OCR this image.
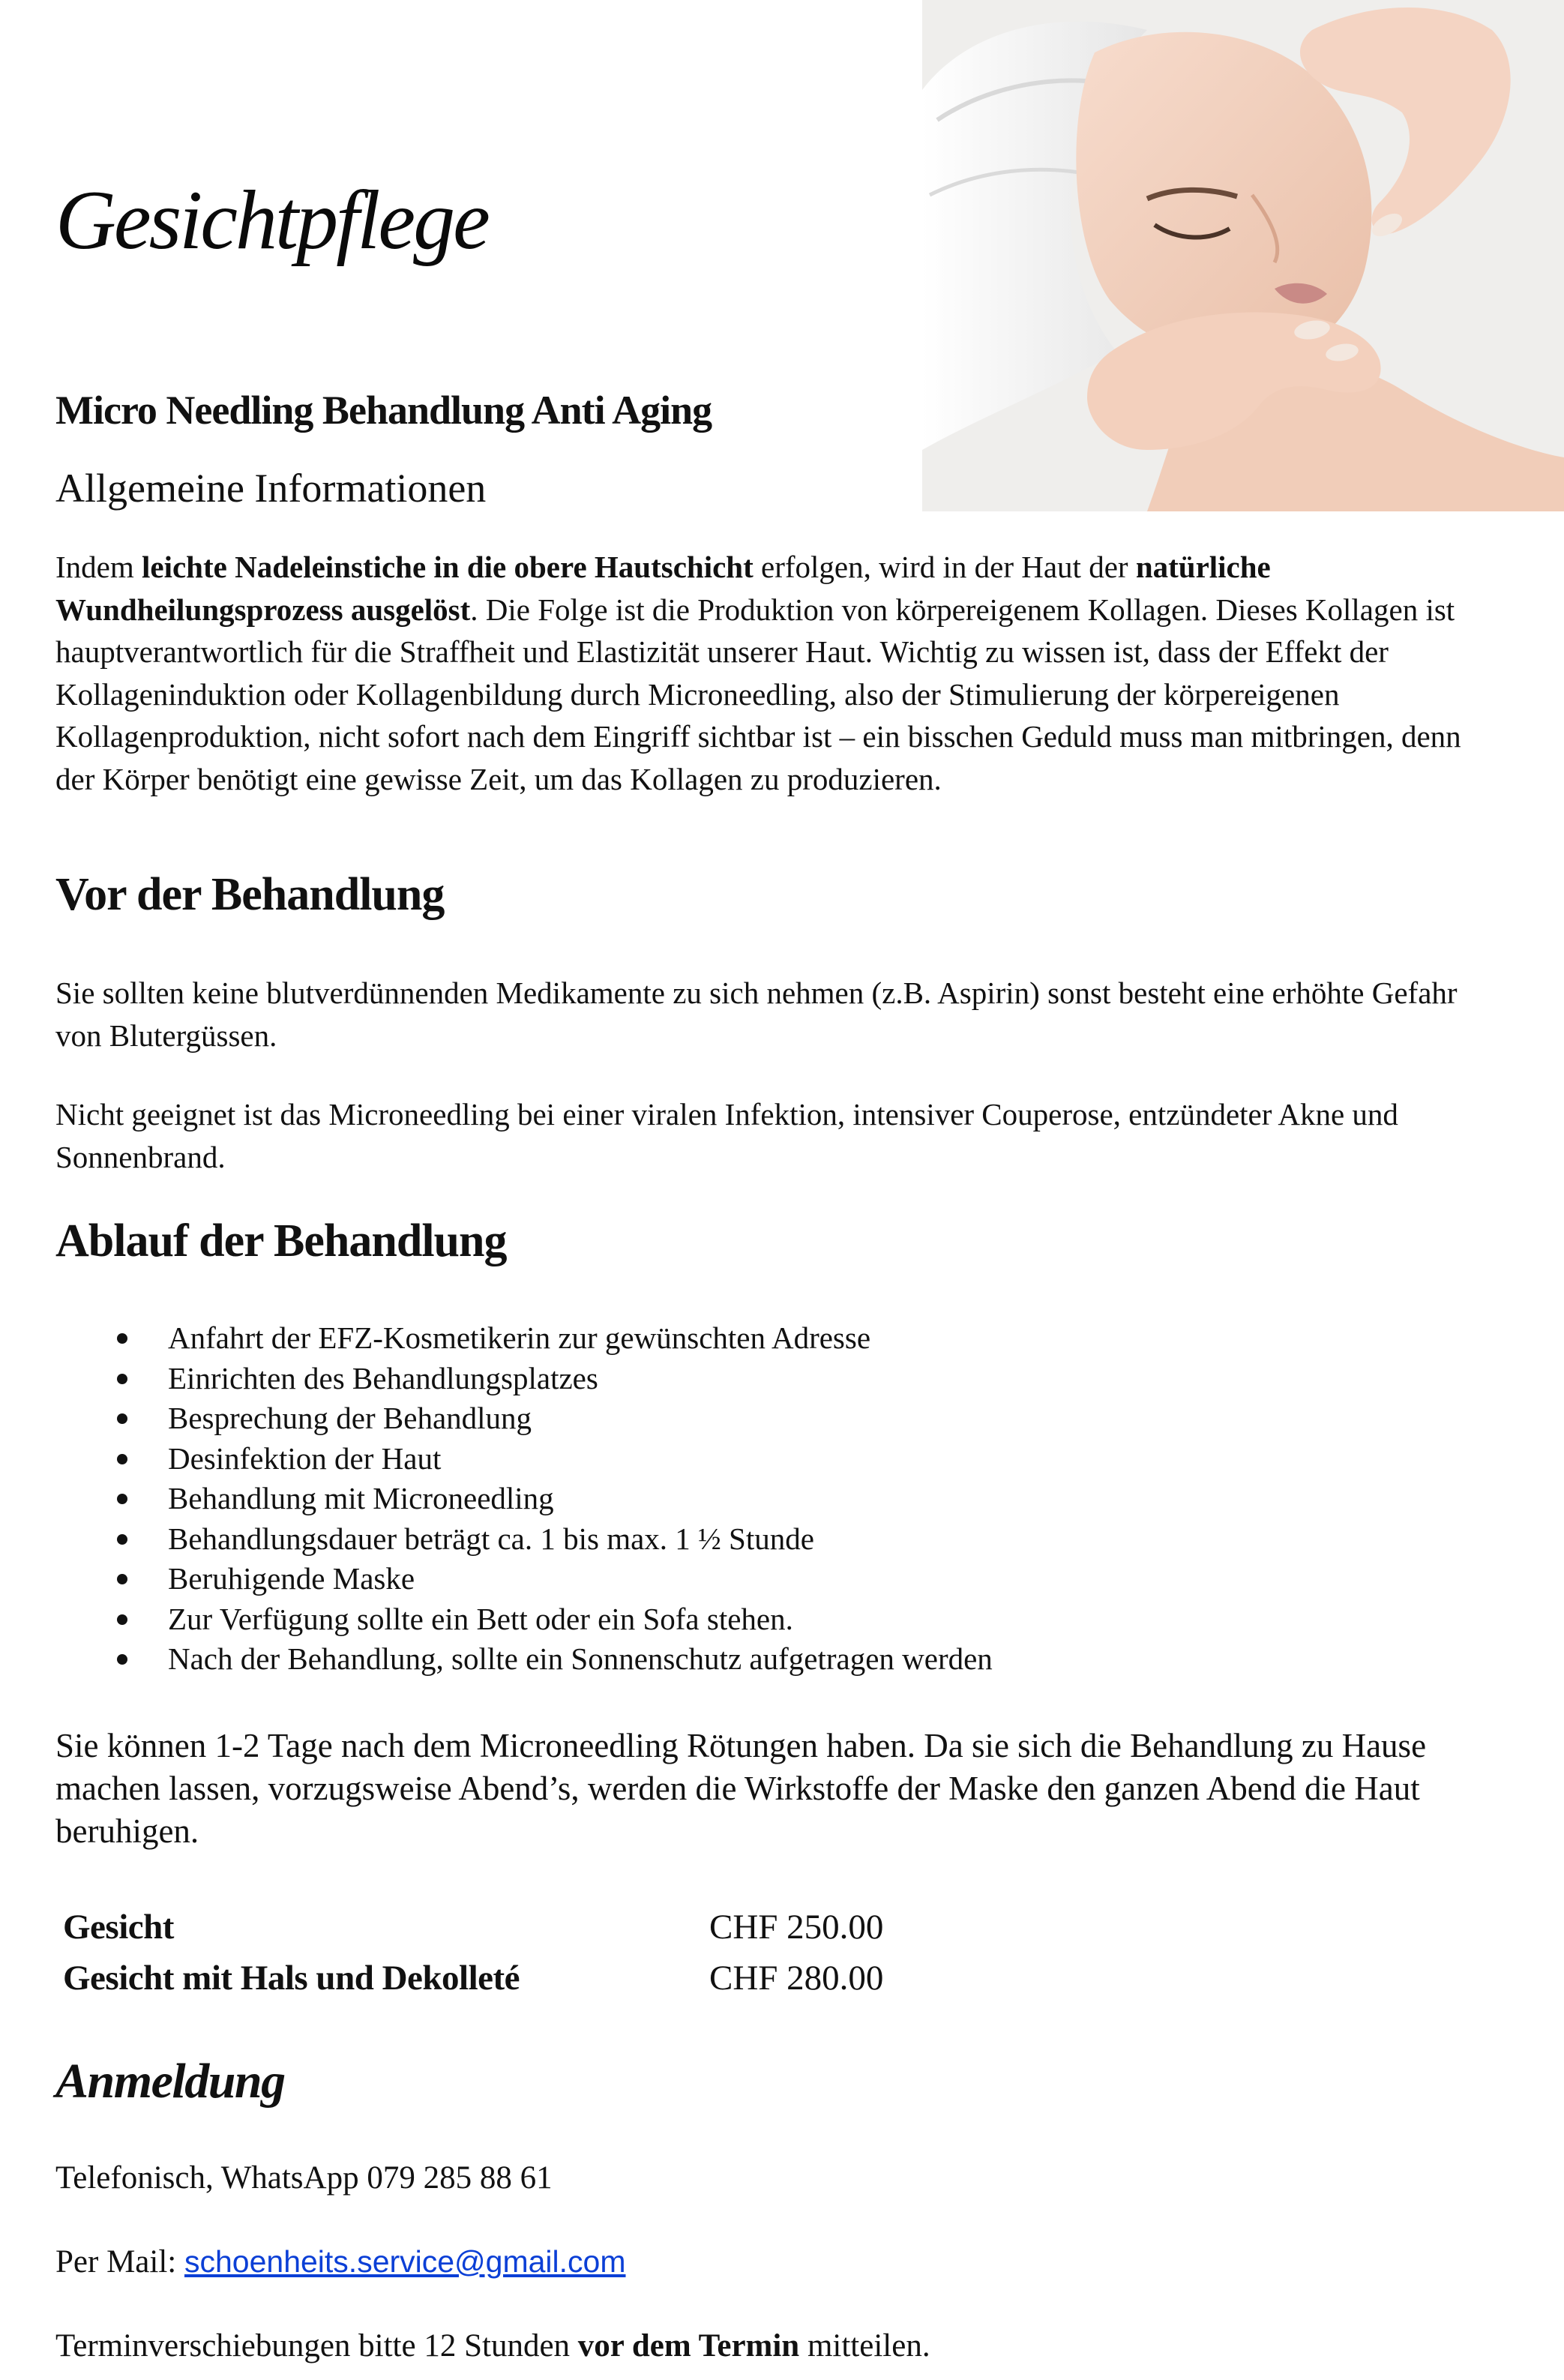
Gesichtpflege
Micro Needling Behandlung Anti Aging
Allgemeine Informationen

Indem leichte Nadeleinstiche in die obere Hautschicht erfolgen, wird in der Haut der natürliche Wundheilungsprozess ausgelöst. Die Folge ist die Produktion von körpereigenem Kollagen. Dieses Kollagen ist hauptverantwortlich für die Straffheit und Elastizität unserer Haut. Wichtig zu wissen ist, dass der Effekt der Kollageninduktion oder Kollagenbildung durch Microneedling, also der Stimulierung der körpereigenen Kollagenproduktion, nicht sofort nach dem Eingriff sichtbar ist – ein bisschen Geduld muss man mitbringen, denn der Körper benötigt eine gewisse Zeit, um das Kollagen zu produzieren.

Vor der Behandlung

Sie sollten keine blutverdünnenden Medikamente zu sich nehmen (z.B. Aspirin) sonst besteht eine erhöhte Gefahr von Blutergüssen.

Nicht geeignet ist das Microneedling bei einer viralen Infektion, intensiver Couperose, entzündeter Akne und Sonnenbrand.

Ablauf der Behandlung
Anfahrt der EFZ-Kosmetikerin zur gewünschten Adresse
Einrichten des Behandlungsplatzes
Besprechung der Behandlung
Desinfektion der Haut
Behandlung mit Microneedling
Behandlungsdauer beträgt ca. 1 bis max. 1 ½ Stunde
Beruhigende Maske
Zur Verfügung sollte ein Bett oder ein Sofa stehen.
Nach der Behandlung, sollte ein Sonnenschutz aufgetragen werden

Sie können 1-2 Tage nach dem Microneedling Rötungen haben. Da sie sich die Behandlung zu Hause machen lassen, vorzugsweise Abend’s, werden die Wirkstoffe der Maske den ganzen Abend die Haut beruhigen.

Gesicht	CHF 250.00
Gesicht mit Hals und Dekolleté	CHF 280.00
Anmeldung
Telefonisch, WhatsApp 079 285 88 61
Per Mail: schoenheits.service@gmail.com
Terminverschiebungen bitte 12 Stunden vor dem Termin mitteilen.
